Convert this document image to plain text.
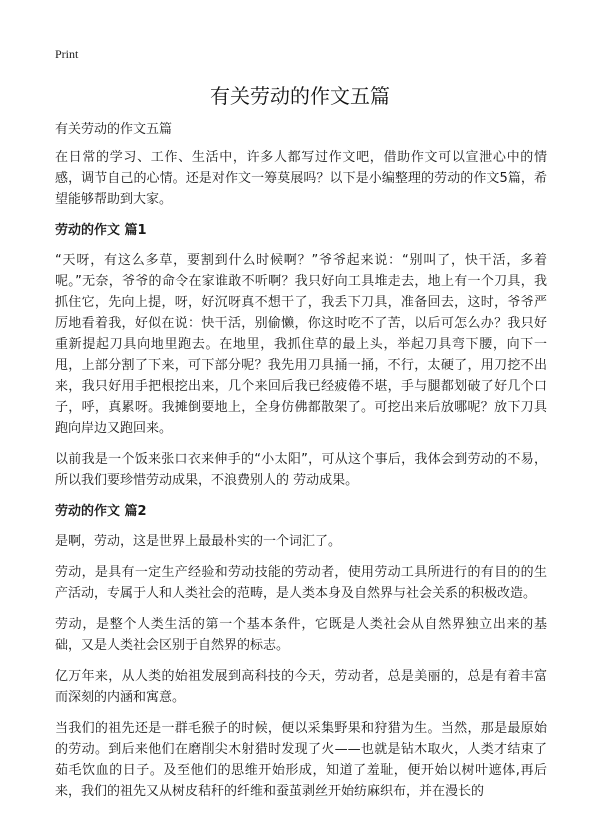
Print
有关劳动的作文五篇

有关劳动的作文五篇

在日常的学习、工作、生活中，许多人都写过作文吧，借助作文可以宣泄心中的情感，调节自己的心情。还是对作文一筹莫展吗？以下是小编整理的劳动的作文5篇，希望能够帮助到大家。

劳动的作文 篇1

“天呀，有这么多草，要割到什么时候啊？”爷爷起来说：“别叫了，快干活，多着呢。”无奈，爷爷的命令在家谁敢不听啊？我只好向工具堆走去，地上有一个刀具，我抓住它，先向上提，呀，好沉呀真不想干了，我丢下刀具，准备回去，这时，爷爷严厉地看着我，好似在说：快干活，别偷懒，你这时吃不了苦，以后可怎么办？我只好重新提起刀具向地里跑去。在地里，我抓住草的最上头，举起刀具弯下腰，向下一甩，上部分割了下来，可下部分呢？我先用刀具捅一捅，不行，太硬了，用刀挖不出来，我只好用手把根挖出来，几个来回后我已经疲倦不堪，手与腿都划破了好几个口子，呼，真累呀。我摊倒要地上，全身仿佛都散架了。可挖出来后放哪呢？放下刀具跑向岸边又跑回来。

以前我是一个饭来张口衣来伸手的“小太阳”，可从这个事后，我体会到劳动的不易，所以我们要珍惜劳动成果，不浪费别人的 劳动成果。

劳动的作文 篇2

是啊，劳动，这是世界上最最朴实的一个词汇了。

劳动，是具有一定生产经验和劳动技能的劳动者，使用劳动工具所进行的有目的的生产活动，专属于人和人类社会的范畴，是人类本身及自然界与社会关系的积极改造。

劳动，是整个人类生活的第一个基本条件，它既是人类社会从自然界独立出来的基础，又是人类社会区别于自然界的标志。

亿万年来，从人类的始祖发展到高科技的今天，劳动者，总是美丽的，总是有着丰富而深刻的内涵和寓意。

当我们的祖先还是一群毛猴子的时候，便以采集野果和狩猎为生。当然，那是最原始的劳动。到后来他们在磨削尖木射猎时发现了火——也就是钻木取火，人类才结束了茹毛饮血的日子。及至他们的思维开始形成，知道了羞耻，便开始以树叶遮体,再后来，我们的祖先又从树皮秸秆的纤维和蚕茧剥丝开始纺麻织布，并在漫长的
